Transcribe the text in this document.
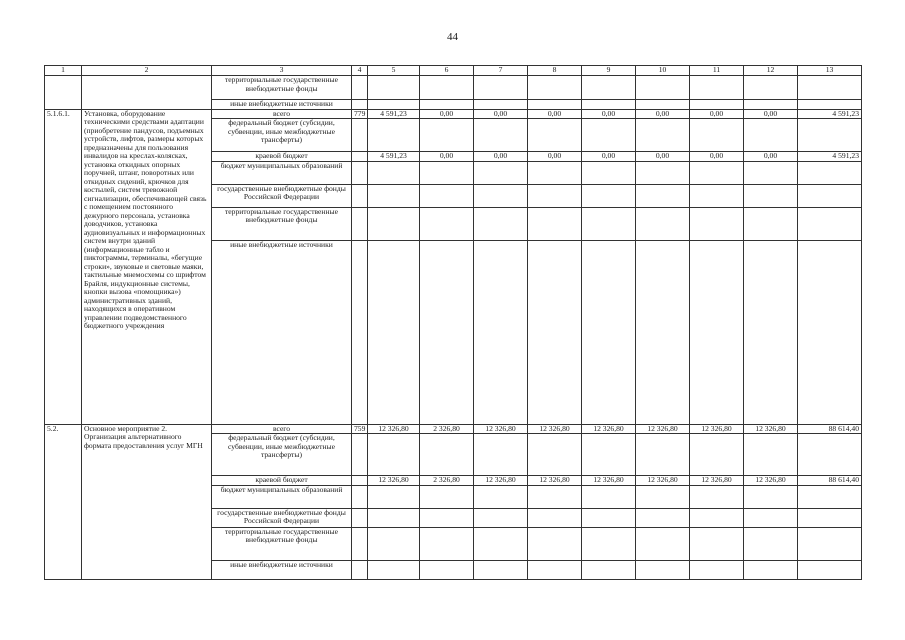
44
1	2	3	4	5	6	7	8	9	10	11	12	13
		территориальные государственные внебюджетные фонды										
		иные внебюджетные источники										
5.1.6.1.	Установка, оборудование техническими средствами адаптации (приобретение пандусов, подъемных устройств, лифтов, размеры которых предназначены для пользования инвалидов на креслах-колясках, установка откидных опорных поручней, штанг, поворотных или откидных сидений, крючков для костылей, систем тревожной сигнализации, обеспечивающей связь с помещением постоянного дежурного персонала, установка доводчиков, установка аудиовизуальных и информационных систем внутри зданий (информационные табло и пиктограммы, терминалы, «бегущие строки», звуковые и световые маяки, тактильные мнемосхемы со шрифтом Брайля, индукционные системы, кнопки вызова «помощника») административных зданий, находящихся в оперативном управлении подведомственного бюджетного учреждения	всего	779	4 591,23	0,00	0,00	0,00	0,00	0,00	0,00	0,00	4 591,23
		федеральный бюджет (субсидии, субвенции, иные межбюджетные трансферты)										
		краевой бюджет		4 591,23	0,00	0,00	0,00	0,00	0,00	0,00	0,00	4 591,23
		бюджет муниципальных образований										
		государственные внебюджетные фонды Российской Федерации										
		территориальные государственные внебюджетные фонды										
		иные внебюджетные источники										
5.2.	Основное мероприятие 2. Организация альтернативного формата предоставления услуг МГН	всего	759	12 326,80	2 326,80	12 326,80	12 326,80	12 326,80	12 326,80	12 326,80	12 326,80	88 614,40
		федеральный бюджет (субсидии, субвенции, иные межбюджетные трансферты)										
		краевой бюджет		12 326,80	2 326,80	12 326,80	12 326,80	12 326,80	12 326,80	12 326,80	12 326,80	88 614,40
		бюджет муниципальных образований										
		государственные внебюджетные фонды Российской Федерации										
		территориальные государственные внебюджетные фонды										
		иные внебюджетные источники										
